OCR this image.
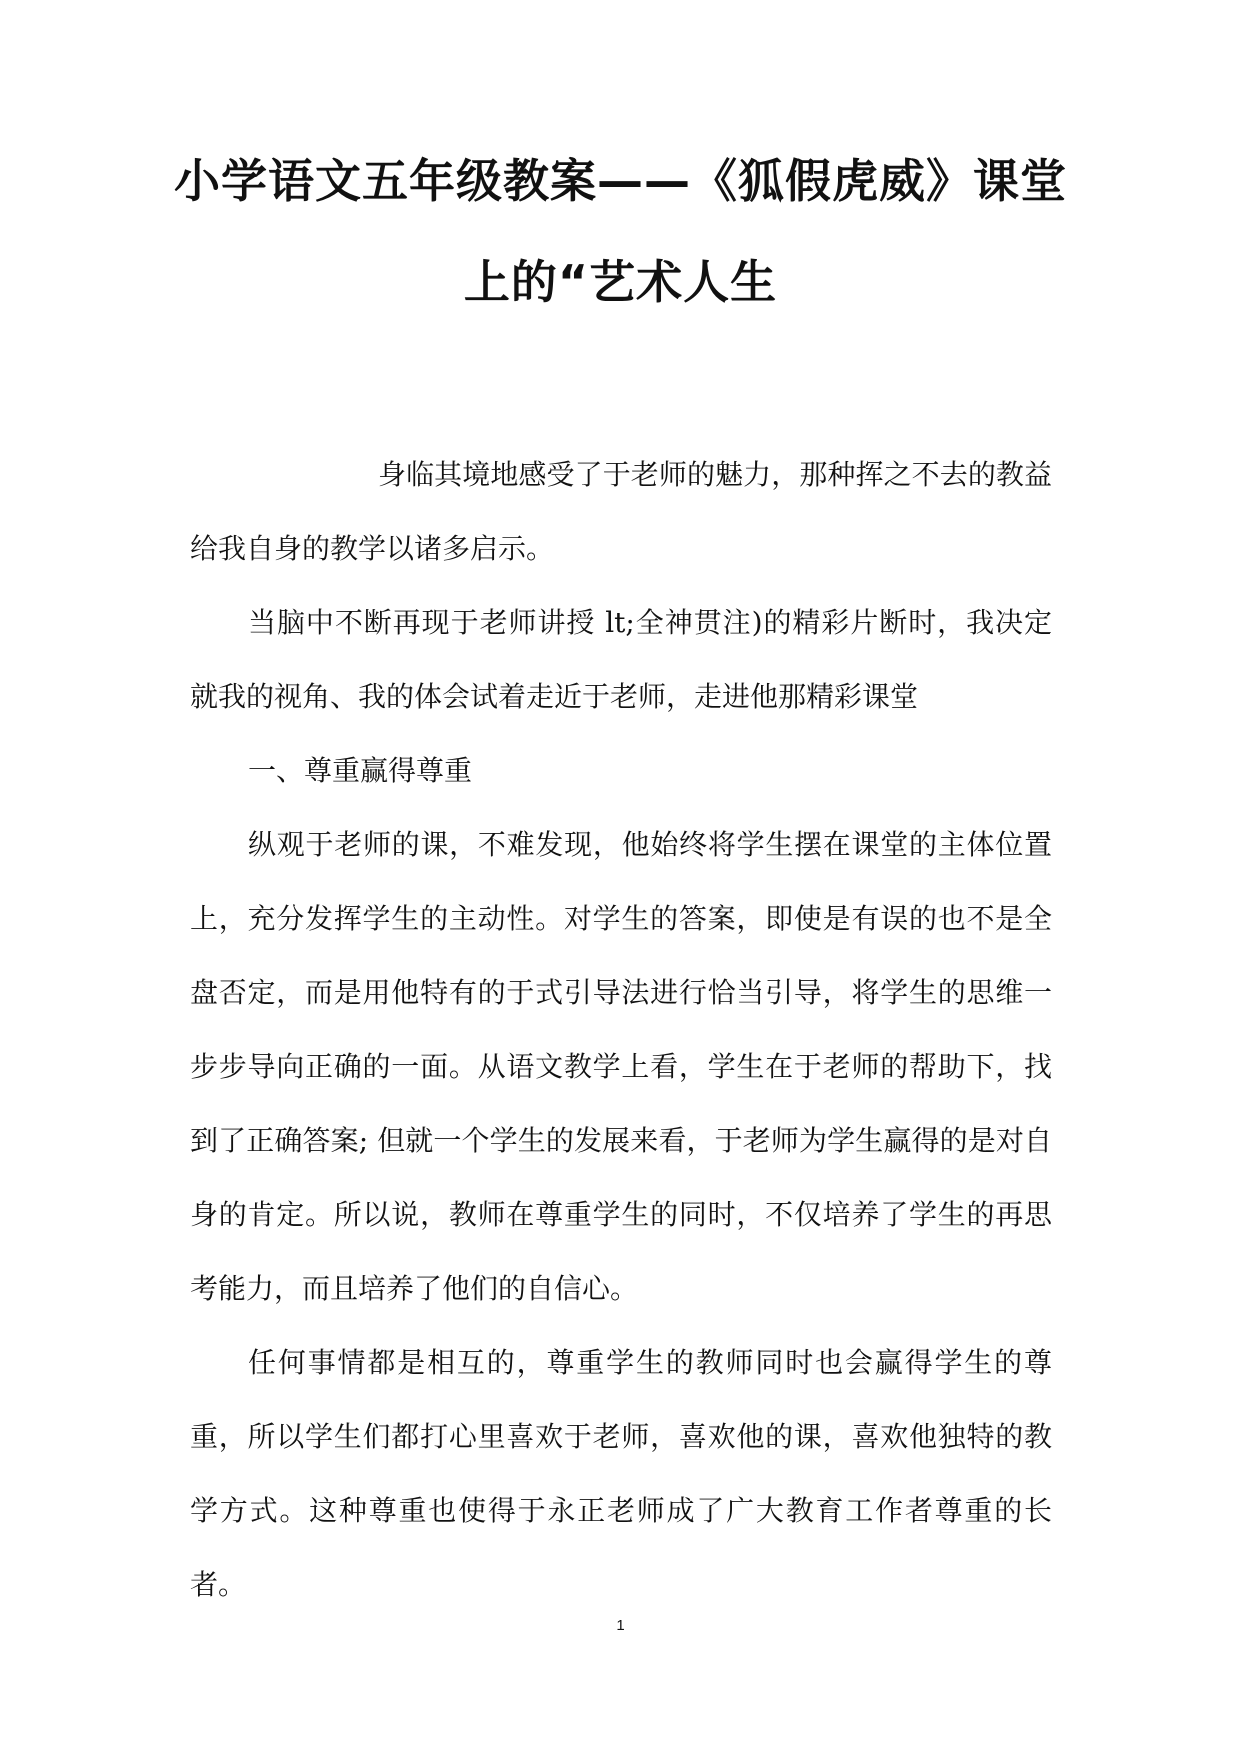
小学语文五年级教案——《狐假虎威》课堂
上的“艺术人生

身临其境地感受了于老师的魅力，那种挥之不去的教益给我自身的教学以诸多启示。

当脑中不断再现于老师讲授 lt;全神贯注)的精彩片断时，我决定就我的视角、我的体会试着走近于老师，走进他那精彩课堂

一、尊重赢得尊重

纵观于老师的课，不难发现，他始终将学生摆在课堂的主体位置上，充分发挥学生的主动性。对学生的答案，即使是有误的也不是全盘否定，而是用他特有的于式引导法进行恰当引导，将学生的思维一步步导向正确的一面。从语文教学上看，学生在于老师的帮助下，找到了正确答案; 但就一个学生的发展来看，于老师为学生赢得的是对自身的肯定。所以说，教师在尊重学生的同时，不仅培养了学生的再思考能力，而且培养了他们的自信心。

任何事情都是相互的，尊重学生的教师同时也会赢得学生的尊重，所以学生们都打心里喜欢于老师，喜欢他的课，喜欢他独特的教学方式。这种尊重也使得于永正老师成了广大教育工作者尊重的长者。

1
